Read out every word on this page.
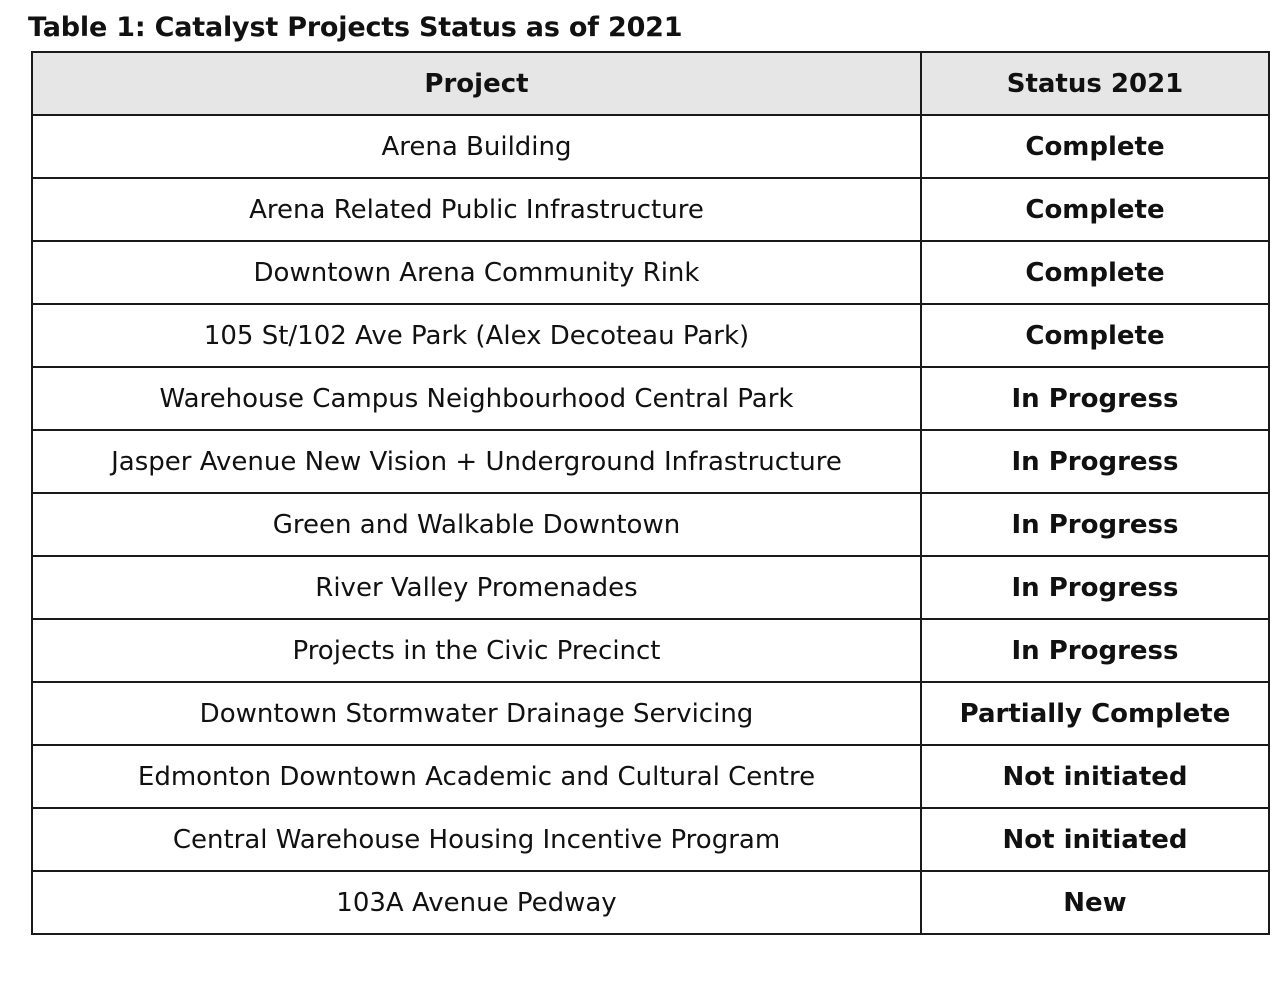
Table 1: Catalyst Projects Status as of 2021
Project	Status 2021
Arena Building	Complete
Arena Related Public Infrastructure	Complete
Downtown Arena Community Rink	Complete
105 St/102 Ave Park (Alex Decoteau Park)	Complete
Warehouse Campus Neighbourhood Central Park	In Progress
Jasper Avenue New Vision + Underground Infrastructure	In Progress
Green and Walkable Downtown	In Progress
River Valley Promenades	In Progress
Projects in the Civic Precinct	In Progress
Downtown Stormwater Drainage Servicing	Partially Complete
Edmonton Downtown Academic and Cultural Centre	Not initiated
Central Warehouse Housing Incentive Program	Not initiated
103A Avenue Pedway	New
